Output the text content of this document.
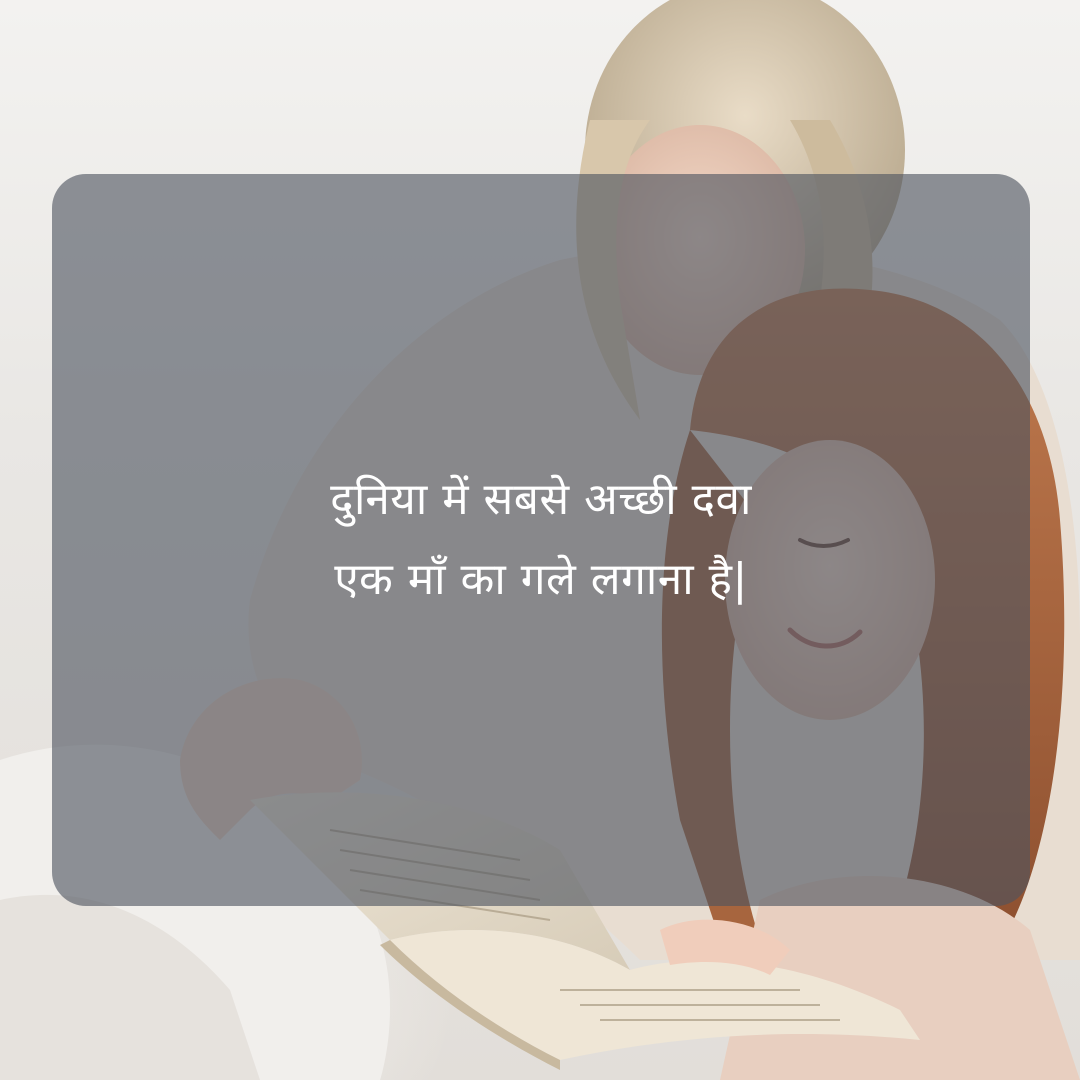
दुनिया में सबसे अच्छी दवा
एक माँ का गले लगाना है|
